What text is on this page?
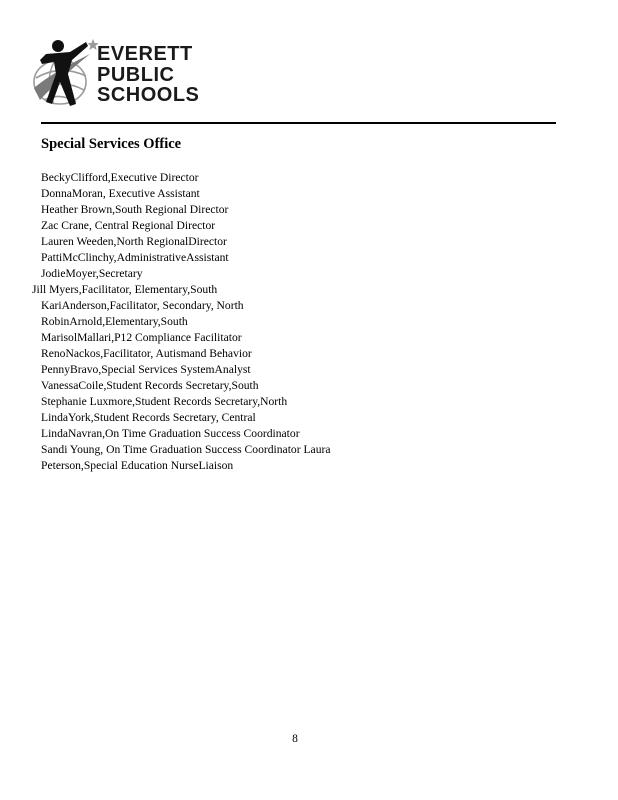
EVERETT
PUBLIC
SCHOOLS
Special Services Office
BeckyClifford,Executive Director
DonnaMoran, Executive Assistant
Heather Brown,South Regional Director
Zac Crane, Central Regional Director
Lauren Weeden,North RegionalDirector
PattiMcClinchy,AdministrativeAssistant
JodieMoyer,Secretary
Jill Myers,Facilitator, Elementary,South
KariAnderson,Facilitator, Secondary, North
RobinArnold,Elementary,South
MarisolMallari,P12 Compliance Facilitator
RenoNackos,Facilitator, Autismand Behavior
PennyBravo,Special Services SystemAnalyst
VanessaCoile,Student Records Secretary,South
Stephanie Luxmore,Student Records Secretary,North
LindaYork,Student Records Secretary, Central
LindaNavran,On Time Graduation Success Coordinator
Sandi Young, On Time Graduation Success Coordinator Laura
Peterson,Special Education NurseLiaison
8
